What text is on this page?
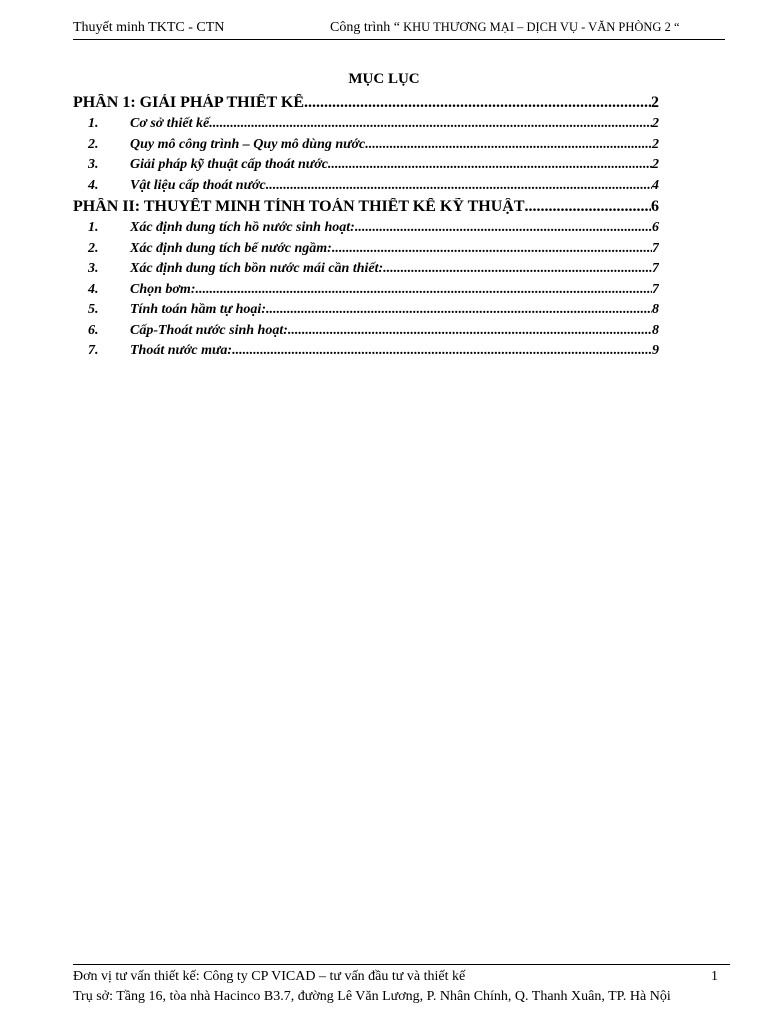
Thuyết minh TKTC - CTN	Công trình “ KHU THƯƠNG MẠI – DỊCH VỤ - VĂN PHÒNG 2 “
MỤC LỤC
PHẦN 1: GIẢI PHÁP THIẾT KẾ .....	2
1.	Cơ sở thiết kế .....	2
2.	Quy mô công trình – Quy mô dùng nước .....	2
3.	Giải pháp kỹ thuật cấp thoát nước .....	2
4.	Vật liệu cấp thoát nước .....	4
PHẦN II: THUYẾT MINH TÍNH TOÁN THIẾT KẾ KỸ THUẬT .....	6
1.	Xác định dung tích hồ nước sinh hoạt: .....	6
2.	Xác định dung tích bể nước ngầm: .....	7
3.	Xác định dung tích bồn nước mái cần thiết: .....	7
4.	Chọn bơm: .....	7
5.	Tính toán hầm tự hoại: .....	8
6.	Cấp-Thoát nước sinh hoạt: .....	8
7.	Thoát nước mưa: .....	9
Đơn vị tư vấn thiết kế: Công ty CP VICAD – tư vấn đầu tư và thiết kế	1
Trụ sở: Tầng 16, tòa nhà Hacinco B3.7, đường Lê Văn Lương, P. Nhân Chính, Q. Thanh Xuân, TP. Hà Nội
